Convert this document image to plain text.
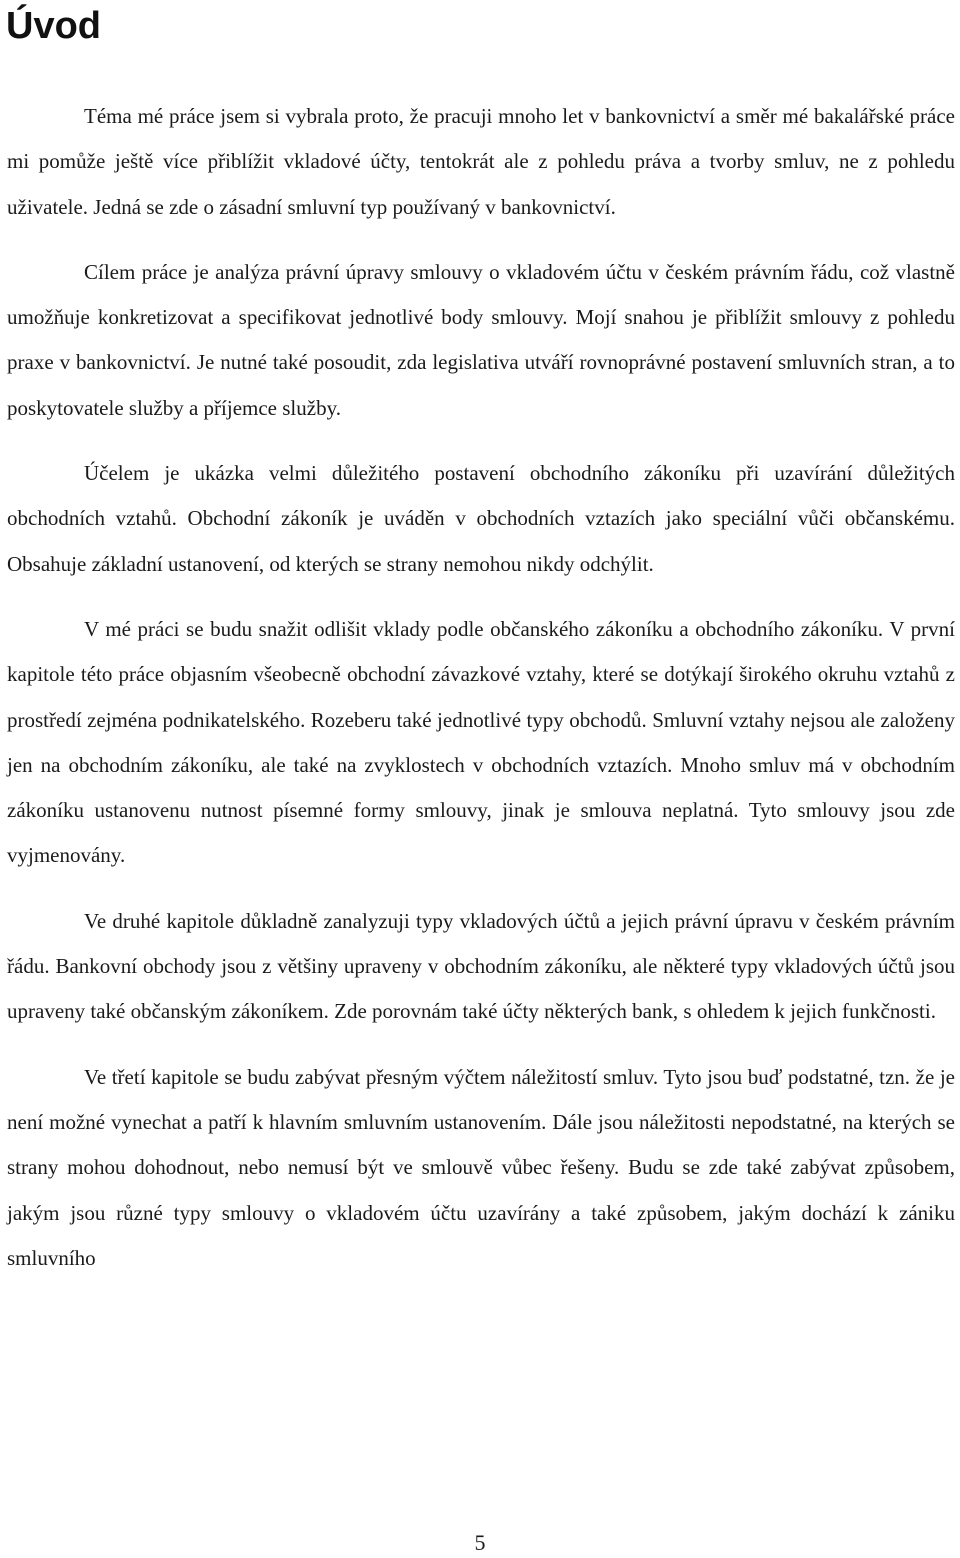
Úvod

Téma mé práce jsem si vybrala proto, že pracuji mnoho let v bankovnictví a směr mé bakalářské práce mi pomůže ještě více přiblížit vkladové účty, tentokrát ale z pohledu práva a tvorby smluv, ne z pohledu uživatele. Jedná se zde o zásadní smluvní typ používaný v bankovnictví.

Cílem práce je analýza právní úpravy smlouvy o vkladovém účtu v českém právním řádu, což vlastně umožňuje konkretizovat a specifikovat jednotlivé body smlouvy. Mojí snahou je přiblížit smlouvy z pohledu praxe v bankovnictví. Je nutné také posoudit, zda legislativa utváří rovnoprávné postavení smluvních stran, a to poskytovatele služby a příjemce služby.

Účelem je ukázka velmi důležitého postavení obchodního zákoníku při uzavírání důležitých obchodních vztahů. Obchodní zákoník je uváděn v obchodních vztazích jako speciální vůči občanskému. Obsahuje základní ustanovení, od kterých se strany nemohou nikdy odchýlit.

V mé práci se budu snažit odlišit vklady podle občanského zákoníku a obchodního zákoníku. V první kapitole této práce objasním všeobecně obchodní závazkové vztahy, které se dotýkají širokého okruhu vztahů z prostředí zejména podnikatelského. Rozeberu také jednotlivé typy obchodů. Smluvní vztahy nejsou ale založeny jen na obchodním zákoníku, ale také na zvyklostech v obchodních vztazích. Mnoho smluv má v obchodním zákoníku ustanovenu nutnost písemné formy smlouvy, jinak je smlouva neplatná. Tyto smlouvy jsou zde vyjmenovány.

Ve druhé kapitole důkladně zanalyzuji typy vkladových účtů a jejich právní úpravu v českém právním řádu. Bankovní obchody jsou z většiny upraveny v obchodním zákoníku, ale některé typy vkladových účtů jsou upraveny také občanským zákoníkem. Zde porovnám také účty některých bank, s ohledem k jejich funkčnosti.

Ve třetí kapitole se budu zabývat přesným výčtem náležitostí smluv. Tyto jsou buď podstatné, tzn. že je není možné vynechat a patří k hlavním smluvním ustanovením. Dále jsou náležitosti nepodstatné, na kterých se strany mohou dohodnout, nebo nemusí být ve smlouvě vůbec řešeny. Budu se zde také zabývat způsobem, jakým jsou různé typy smlouvy o vkladovém účtu uzavírány a také způsobem, jakým dochází k zániku smluvního

5
